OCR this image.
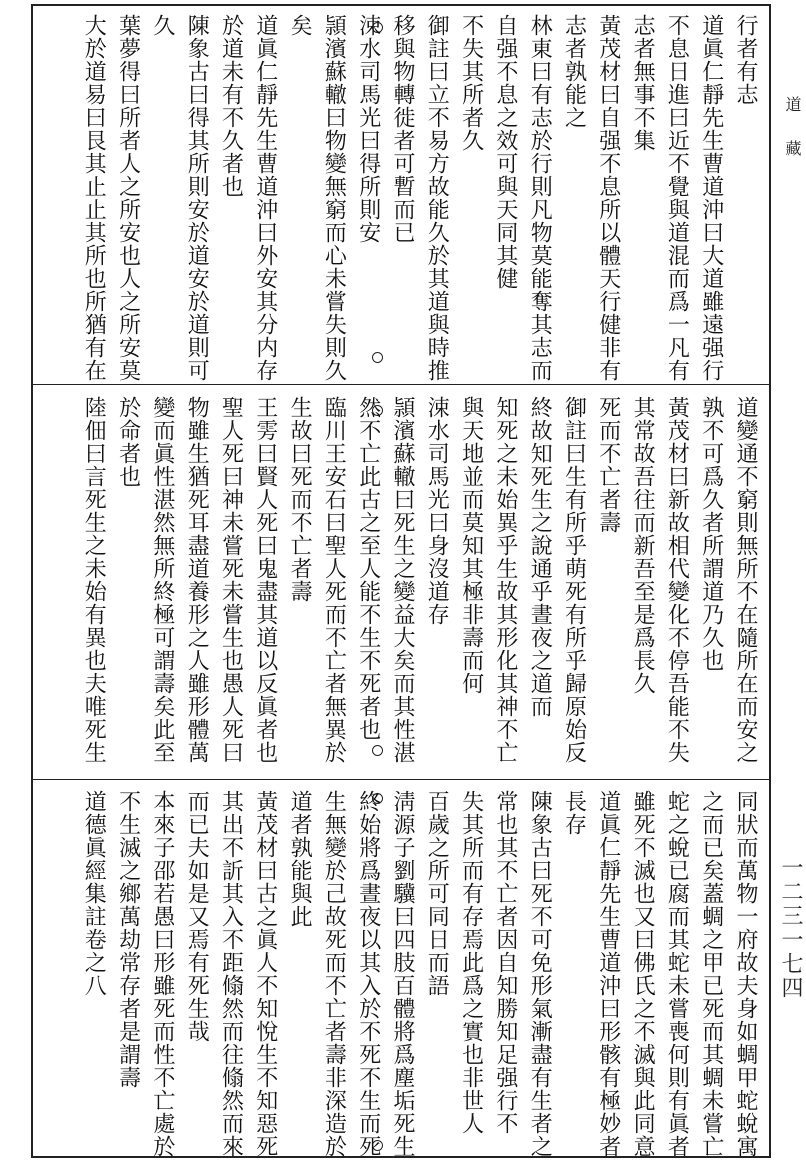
道藏
一二三一七四
行者有志
道眞仁靜先生曹道沖曰大道雖遠强行
不息日進曰近不覺與道混而爲一凡有
志者無事不集
黃茂材曰自强不息所以體天行健非有
志者孰能之
林東曰有志於行則凡物莫能奪其志而
自强不息之效可與天同其健
不失其所者久
御註曰立不易方故能久於其道與時推
移與物轉徙者可暫而已
涑水司馬光曰得所則安
頴濱蘇轍曰物變無窮而心未嘗失則久
矣
道眞仁靜先生曹道沖曰外安其分内存
於道未有不久者也
陳象古曰得其所則安於道安於道則可
久
葉夢得曰所者人之所安也人之所安莫
大於道易曰艮其止止其所也所猶有在
道變通不窮則無所不在隨所在而安之
孰不可爲久者所謂道乃久也
黃茂材曰新故相代變化不停吾能不失
其常故吾往而新吾至是爲長久
死而不亡者壽
御註曰生有所乎萌死有所乎歸原始反
終故知死生之說通乎晝夜之道而
知死之未始異乎生故其形化其神不亡
與天地並而莫知其極非壽而何
涑水司馬光曰身沒道存
頴濱蘇轍曰死生之變益大矣而其性湛
然不亡此古之至人能不生不死者也
臨川王安石曰聖人死而不亡者無異於
生故曰死而不亡者壽
王雱曰賢人死曰鬼盡其道以反眞者也
聖人死曰神未嘗死未嘗生也愚人死曰
物雖生猶死耳盡道養形之人雖形體萬
變而眞性湛然無所終極可謂壽矣此至
於命者也
陸佃曰言死生之未始有異也夫唯死生
同狀而萬物一府故夫身如蜩甲蛇蛻寓
之而已矣蓋蜩之甲已死而其蜩未嘗亡
蛇之蛻已腐而其蛇未嘗喪何則有眞者
雖死不滅也又曰佛氏之不滅與此同意
道眞仁靜先生曹道沖曰形骸有極妙者
長存
陳象古曰死不可免形氣漸盡有生者之
常也其不亡者因自知勝知足强行不
失其所而有存焉此爲之實也非世人
百歲之所可同日而語
淸源子劉驥曰四肢百體將爲塵垢死生
終始將爲晝夜以其入於不死不生而死
生無變於己故死而不亡者壽非深造於
道者孰能與此
黃茂材曰古之眞人不知悅生不知惡死
其出不訢其入不距翛然而往翛然而來
而已夫如是又焉有死生哉
本來子邵若愚曰形雖死而性不亡處於
不生滅之鄉萬劫常存者是謂壽
道德眞經集註卷之八
